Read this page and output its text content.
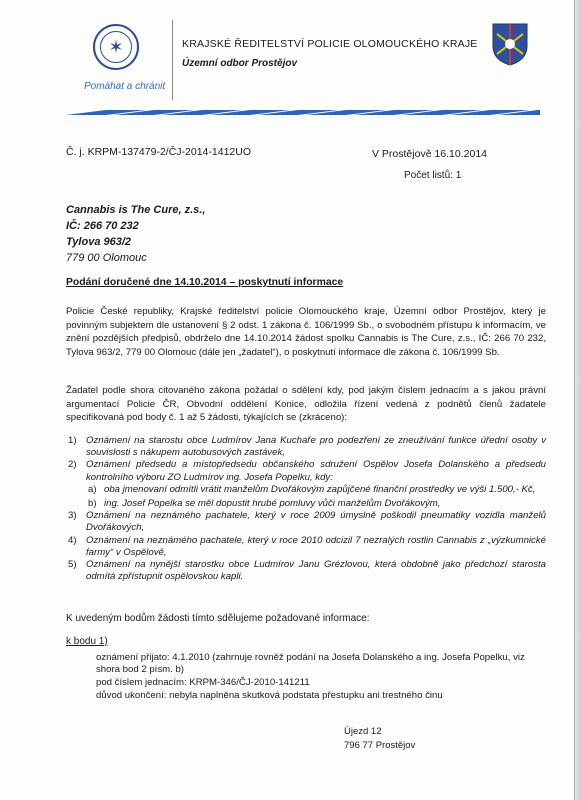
✶
Pomáhat a chránit
KRAJSKÉ ŘEDITELSTVÍ POLICIE OLOMOUCKÉHO KRAJE
Územní odbor Prostějov
Č. j. KRPM-137479-2/ČJ-2014-1412UO	V Prostějově 16.10.2014
Počet listů: 1
Cannabis is The Cure, z.s.,
IČ: 266 70 232
Tylova 963/2
779 00 Olomouc
Podání doručené dne 14.10.2014 – poskytnutí informace
Policie České republiky, Krajské ředitelství policie Olomouckého kraje, Územní odbor Prostějov, který je povinným subjektem dle ustanovení § 2 odst. 1 zákona č. 106/1999 Sb., o svobodném přístupu k informacím, ve znění pozdějších předpisů, obdrželo dne 14.10.2014 žádost spolku Cannabis is The Cure, z.s., IČ: 266 70 232, Tylova 963/2, 779 00 Olomouc (dále jen „žadatel“), o poskytnutí informace dle zákona č. 106/1999 Sb.
Žadatel podle shora citovaného zákona požádal o sdělení kdy, pod jakým číslem jednacím a s jakou právní argumentací Policie ČR, Obvodní oddělení Konice, odložila řízení vedená z podnětů členů žadatele specifikovaná pod body č. 1 až 5 žádosti, týkajících se (zkráceno):
1) Oznámení na starostu obce Ludmírov Jana Kuchaře pro podezření ze zneužívání funkce úřední osoby v souvislosti s nákupem autobusových zastávek,
2) Oznámení předsedu a místopředsedu občanského sdružení Ospělov Josefa Dolanského a předsedu kontrolního výboru ZO Ludmírov ing. Josefa Popelku, kdy:
a) oba jmenovaní odmítli vrátit manželům Dvořákovým zapůjčené finanční prostředky ve výši 1.500,- Kč,
b) ing. Josef Popelka se měl dopustit hrubé pomluvy vůči manželům Dvořákovým,
3) Oznámení na neznámého pachatele, který v roce 2009 úmyslně poškodil pneumatiky vozidla manželů Dvořákových,
4) Oznámení na neznámého pachatele, který v roce 2010 odcizil 7 nezralých rostlin Cannabis z „výzkumnické farmy“ v Ospělově,
5) Oznámení na nynější starostku obce Ludmírov Janu Grézlovou, která obdobně jako předchozí starosta odmítá zpřístupnit ospělovskou kapli.
K uvedeným bodům žádosti tímto sdělujeme požadované informace:
k bodu 1)
oznámení přijato: 4.1.2010 (zahrnuje rovněž podání na Josefa Dolanského a ing. Josefa Popelku, viz shora bod 2 písm. b)
pod číslem jednacím: KRPM-346/ČJ-2010-141211
důvod ukončení: nebyla naplněna skutková podstata přestupku ani trestného činu
Újezd 12
796 77 Prostějov
